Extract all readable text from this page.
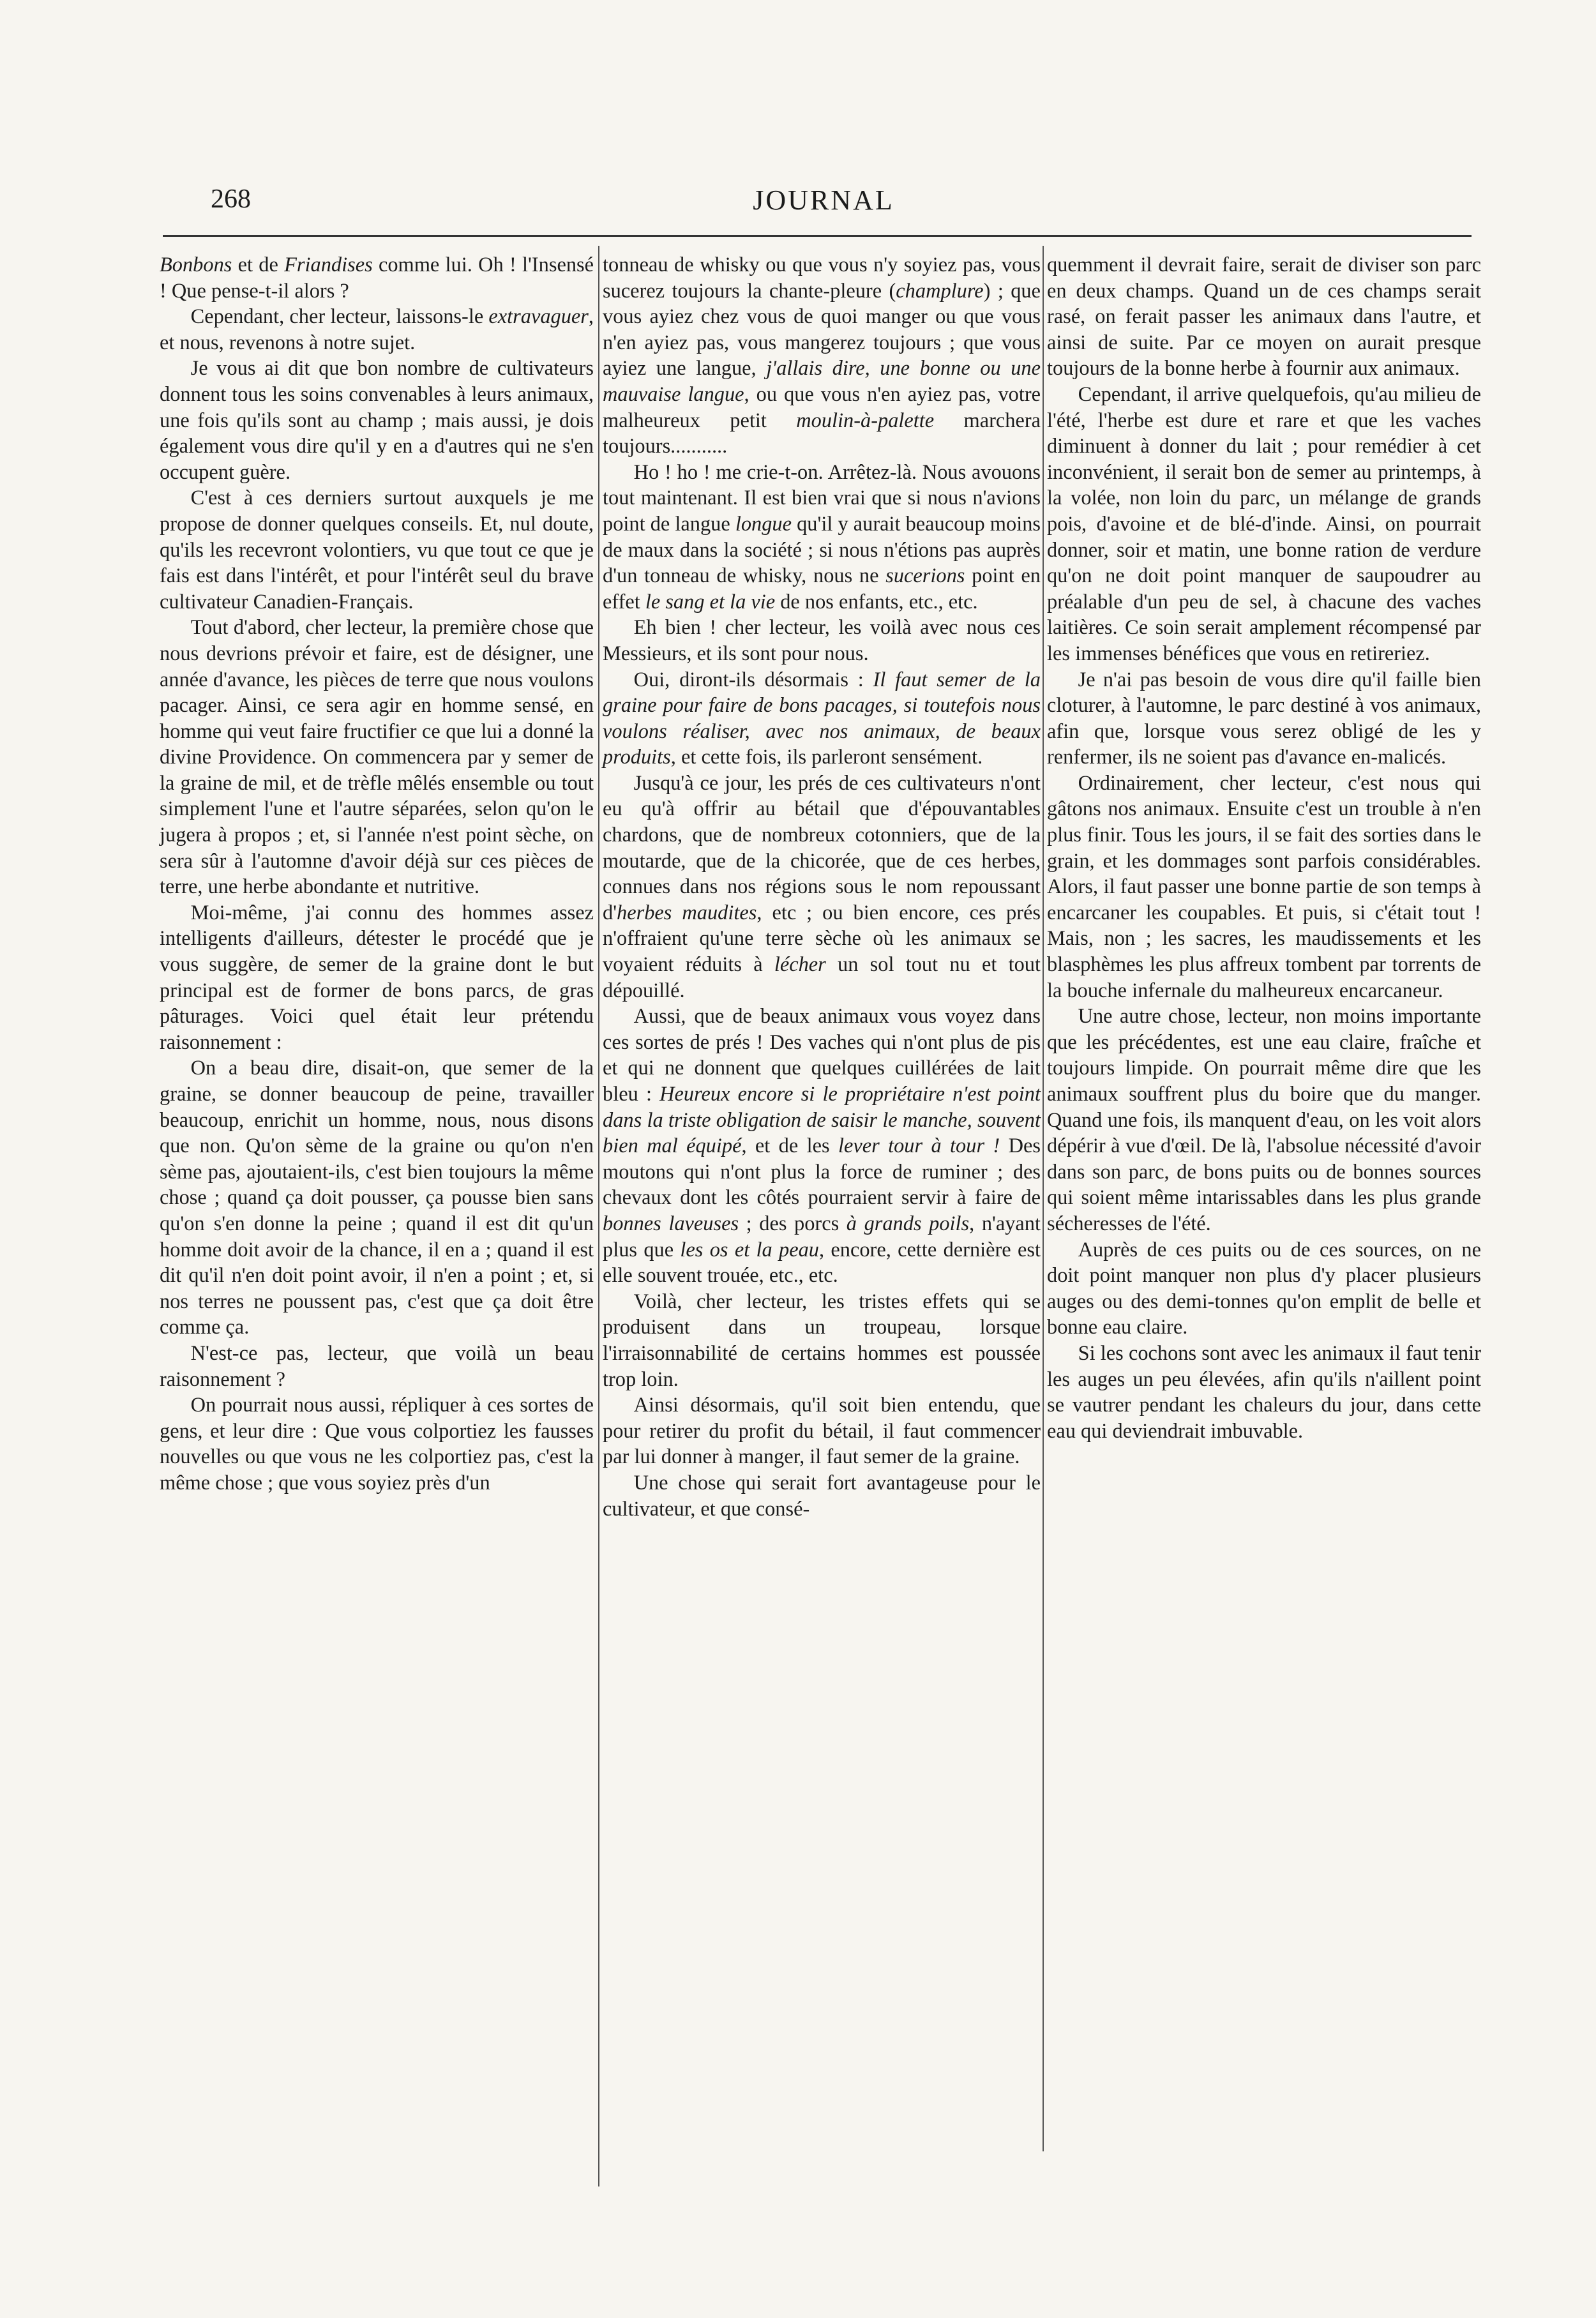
268	JOURNAL

Bonbons et de Friandises comme lui. Oh ! l'Insensé ! Que pense-t-il alors ?

Cependant, cher lecteur, laissons-le extravaguer, et nous, revenons à notre sujet.

Je vous ai dit que bon nombre de cultivateurs donnent tous les soins convenables à leurs animaux, une fois qu'ils sont au champ ; mais aussi, je dois également vous dire qu'il y en a d'autres qui ne s'en occupent guère.

C'est à ces derniers surtout auxquels je me propose de donner quelques conseils. Et, nul doute, qu'ils les recevront volontiers, vu que tout ce que je fais est dans l'intérêt, et pour l'intérêt seul du brave cultivateur Canadien-Français.

Tout d'abord, cher lecteur, la première chose que nous devrions prévoir et faire, est de désigner, une année d'avance, les pièces de terre que nous voulons pacager. Ainsi, ce sera agir en homme sensé, en homme qui veut faire fructifier ce que lui a donné la divine Providence. On commencera par y semer de la graine de mil, et de trèfle mêlés ensemble ou tout simplement l'une et l'autre séparées, selon qu'on le jugera à propos ; et, si l'année n'est point sèche, on sera sûr à l'automne d'avoir déjà sur ces pièces de terre, une herbe abondante et nutritive.

Moi-même, j'ai connu des hommes assez intelligents d'ailleurs, détester le procédé que je vous suggère, de semer de la graine dont le but principal est de former de bons parcs, de gras pâturages. Voici quel était leur prétendu raisonnement :

On a beau dire, disait-on, que semer de la graine, se donner beaucoup de peine, travailler beaucoup, enrichit un homme, nous, nous disons que non. Qu'on sème de la graine ou qu'on n'en sème pas, ajoutaient-ils, c'est bien toujours la même chose ; quand ça doit pousser, ça pousse bien sans qu'on s'en donne la peine ; quand il est dit qu'un homme doit avoir de la chance, il en a ; quand il est dit qu'il n'en doit point avoir, il n'en a point ; et, si nos terres ne poussent pas, c'est que ça doit être comme ça.

N'est-ce pas, lecteur, que voilà un beau raisonnement ?

On pourrait nous aussi, répliquer à ces sortes de gens, et leur dire : Que vous colportiez les fausses nouvelles ou que vous ne les colportiez pas, c'est la même chose ; que vous soyiez près d'un

tonneau de whisky ou que vous n'y soyiez pas, vous sucerez toujours la chante-pleure (champlure) ; que vous ayiez chez vous de quoi manger ou que vous n'en ayiez pas, vous mangerez toujours ; que vous ayiez une langue, j'allais dire, une bonne ou une mauvaise langue, ou que vous n'en ayiez pas, votre malheureux petit moulin-à-palette marchera toujours...........

Ho ! ho ! me crie-t-on. Arrêtez-là. Nous avouons tout maintenant. Il est bien vrai que si nous n'avions point de langue longue qu'il y aurait beaucoup moins de maux dans la société ; si nous n'étions pas auprès d'un tonneau de whisky, nous ne sucerions point en effet le sang et la vie de nos enfants, etc., etc.

Eh bien ! cher lecteur, les voilà avec nous ces Messieurs, et ils sont pour nous.

Oui, diront-ils désormais : Il faut semer de la graine pour faire de bons pacages, si toutefois nous voulons réaliser, avec nos animaux, de beaux produits, et cette fois, ils parleront sensément.

Jusqu'à ce jour, les prés de ces cultivateurs n'ont eu qu'à offrir au bétail que d'épouvantables chardons, que de nombreux cotonniers, que de la moutarde, que de la chicorée, que de ces herbes, connues dans nos régions sous le nom repoussant d'herbes maudites, etc ; ou bien encore, ces prés n'offraient qu'une terre sèche où les animaux se voyaient réduits à lécher un sol tout nu et tout dépouillé.

Aussi, que de beaux animaux vous voyez dans ces sortes de prés ! Des vaches qui n'ont plus de pis et qui ne donnent que quelques cuillérées de lait bleu : Heureux encore si le propriétaire n'est point dans la triste obligation de saisir le manche, souvent bien mal équipé, et de les lever tour à tour ! Des moutons qui n'ont plus la force de ruminer ; des chevaux dont les côtés pourraient servir à faire de bonnes laveuses ; des porcs à grands poils, n'ayant plus que les os et la peau, encore, cette dernière est elle souvent trouée, etc., etc.

Voilà, cher lecteur, les tristes effets qui se produisent dans un troupeau, lorsque l'irraisonnabilité de certains hommes est poussée trop loin.

Ainsi désormais, qu'il soit bien entendu, que pour retirer du profit du bétail, il faut commencer par lui donner à manger, il faut semer de la graine.

Une chose qui serait fort avantageuse pour le cultivateur, et que consé-

quemment il devrait faire, serait de diviser son parc en deux champs. Quand un de ces champs serait rasé, on ferait passer les animaux dans l'autre, et ainsi de suite. Par ce moyen on aurait presque toujours de la bonne herbe à fournir aux animaux.

Cependant, il arrive quelquefois, qu'au milieu de l'été, l'herbe est dure et rare et que les vaches diminuent à donner du lait ; pour remédier à cet inconvénient, il serait bon de semer au printemps, à la volée, non loin du parc, un mélange de grands pois, d'avoine et de blé-d'inde. Ainsi, on pourrait donner, soir et matin, une bonne ration de verdure qu'on ne doit point manquer de saupoudrer au préalable d'un peu de sel, à chacune des vaches laitières. Ce soin serait amplement récompensé par les immenses bénéfices que vous en retireriez.

Je n'ai pas besoin de vous dire qu'il faille bien cloturer, à l'automne, le parc destiné à vos animaux, afin que, lorsque vous serez obligé de les y renfermer, ils ne soient pas d'avance en-malicés.

Ordinairement, cher lecteur, c'est nous qui gâtons nos animaux. Ensuite c'est un trouble à n'en plus finir. Tous les jours, il se fait des sorties dans le grain, et les dommages sont parfois considérables. Alors, il faut passer une bonne partie de son temps à encarcaner les coupables. Et puis, si c'était tout ! Mais, non ; les sacres, les maudissements et les blasphèmes les plus affreux tombent par torrents de la bouche infernale du malheureux encarcaneur.

Une autre chose, lecteur, non moins importante que les précédentes, est une eau claire, fraîche et toujours limpide. On pourrait même dire que les animaux souffrent plus du boire que du manger. Quand une fois, ils manquent d'eau, on les voit alors dépérir à vue d'œil. De là, l'absolue nécessité d'avoir dans son parc, de bons puits ou de bonnes sources qui soient même intarissables dans les plus grande sécheresses de l'été.

Auprès de ces puits ou de ces sources, on ne doit point manquer non plus d'y placer plusieurs auges ou des demi-tonnes qu'on emplit de belle et bonne eau claire.

Si les cochons sont avec les animaux il faut tenir les auges un peu élevées, afin qu'ils n'aillent point se vautrer pendant les chaleurs du jour, dans cette eau qui deviendrait imbuvable.
